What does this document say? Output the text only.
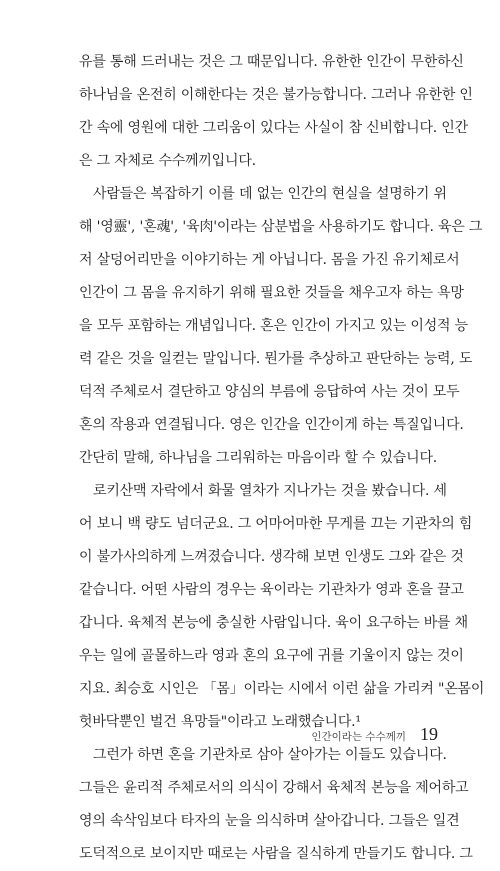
유를 통해 드러내는 것은 그 때문입니다. 유한한 인간이 무한하신
하나님을 온전히 이해한다는 것은 불가능합니다. 그러나 유한한 인
간 속에 영원에 대한 그리움이 있다는 사실이 참 신비합니다. 인간
은 그 자체로 수수께끼입니다.
사람들은 복잡하기 이를 데 없는 인간의 현실을 설명하기 위
해 '영靈', '혼魂', '육肉'이라는 삼분법을 사용하기도 합니다. 육은 그
저 살덩어리만을 이야기하는 게 아닙니다. 몸을 가진 유기체로서
인간이 그 몸을 유지하기 위해 필요한 것들을 채우고자 하는 욕망
을 모두 포함하는 개념입니다. 혼은 인간이 가지고 있는 이성적 능
력 같은 것을 일컫는 말입니다. 뭔가를 추상하고 판단하는 능력, 도
덕적 주체로서 결단하고 양심의 부름에 응답하여 사는 것이 모두
혼의 작용과 연결됩니다. 영은 인간을 인간이게 하는 특질입니다.
간단히 말해, 하나님을 그리워하는 마음이라 할 수 있습니다.
로키산맥 자락에서 화물 열차가 지나가는 것을 봤습니다. 세
어 보니 백 량도 넘더군요. 그 어마어마한 무게를 끄는 기관차의 힘
이 불가사의하게 느껴졌습니다. 생각해 보면 인생도 그와 같은 것
같습니다. 어떤 사람의 경우는 육이라는 기관차가 영과 혼을 끌고
갑니다. 육체적 본능에 충실한 사람입니다. 육이 요구하는 바를 채
우는 일에 골몰하느라 영과 혼의 요구에 귀를 기울이지 않는 것이
지요. 최승호 시인은 「몸」이라는 시에서 이런 삶을 가리켜 "온몸이
헛바닥뿐인 벌건 욕망들"이라고 노래했습니다.¹
그런가 하면 혼을 기관차로 삼아 살아가는 이들도 있습니다.
그들은 윤리적 주체로서의 의식이 강해서 육체적 본능을 제어하고
영의 속삭임보다 타자의 눈을 의식하며 살아갑니다. 그들은 일견
도덕적으로 보이지만 때로는 사람을 질식하게 만들기도 합니다. 그
인간이라는 수수께끼 19
